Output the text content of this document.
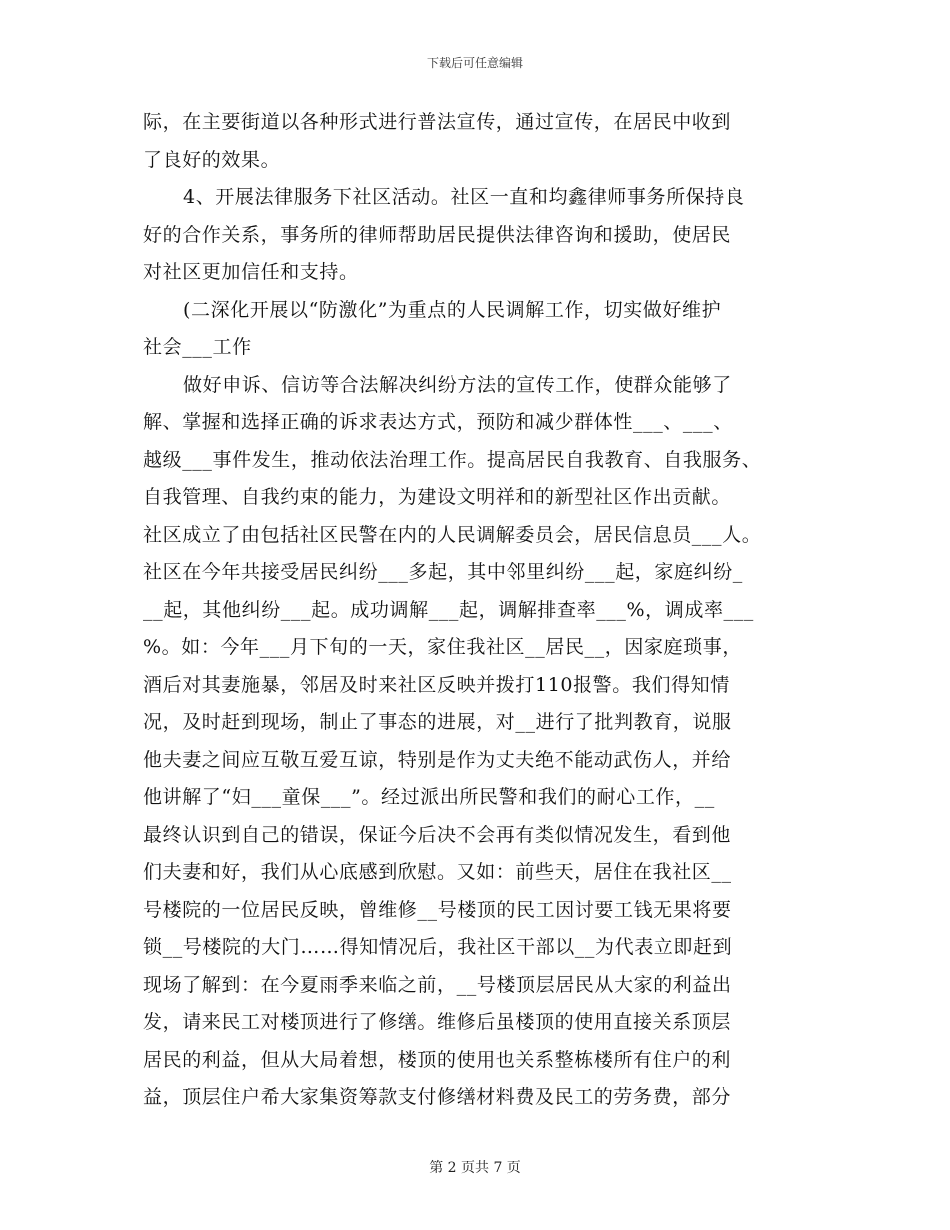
下载后可任意编辑
际，在主要街道以各种形式进行普法宣传，通过宣传，在居民中收到
了良好的效果。
4、开展法律服务下社区活动。社区一直和均鑫律师事务所保持良
好的合作关系，事务所的律师帮助居民提供法律咨询和援助，使居民
对社区更加信任和支持。
(二深化开展以“防激化”为重点的人民调解工作，切实做好维护
社会___工作
做好申诉、信访等合法解决纠纷方法的宣传工作，使群众能够了
解、掌握和选择正确的诉求表达方式，预防和减少群体性___、___、
越级___事件发生，推动依法治理工作。提高居民自我教育、自我服务、
自我管理、自我约束的能力，为建设文明祥和的新型社区作出贡献。
社区成立了由包括社区民警在内的人民调解委员会，居民信息员___人。
社区在今年共接受居民纠纷___多起，其中邻里纠纷___起，家庭纠纷_
__起，其他纠纷___起。成功调解___起，调解排查率___%，调成率___
%。如：今年___月下旬的一天，家住我社区__居民__，因家庭琐事，
酒后对其妻施暴，邻居及时来社区反映并拨打110报警。我们得知情
况，及时赶到现场，制止了事态的进展，对__进行了批判教育，说服
他夫妻之间应互敬互爱互谅，特别是作为丈夫绝不能动武伤人，并给
他讲解了“妇___童保___”。经过派出所民警和我们的耐心工作，__
最终认识到自己的错误，保证今后决不会再有类似情况发生，看到他
们夫妻和好，我们从心底感到欣慰。又如：前些天，居住在我社区__
号楼院的一位居民反映，曾维修__号楼顶的民工因讨要工钱无果将要
锁__号楼院的大门……得知情况后，我社区干部以__为代表立即赶到
现场了解到：在今夏雨季来临之前，__号楼顶层居民从大家的利益出
发，请来民工对楼顶进行了修缮。维修后虽楼顶的使用直接关系顶层
居民的利益，但从大局着想，楼顶的使用也关系整栋楼所有住户的利
益，顶层住户希大家集资筹款支付修缮材料费及民工的劳务费，部分
第 2 页共 7 页
